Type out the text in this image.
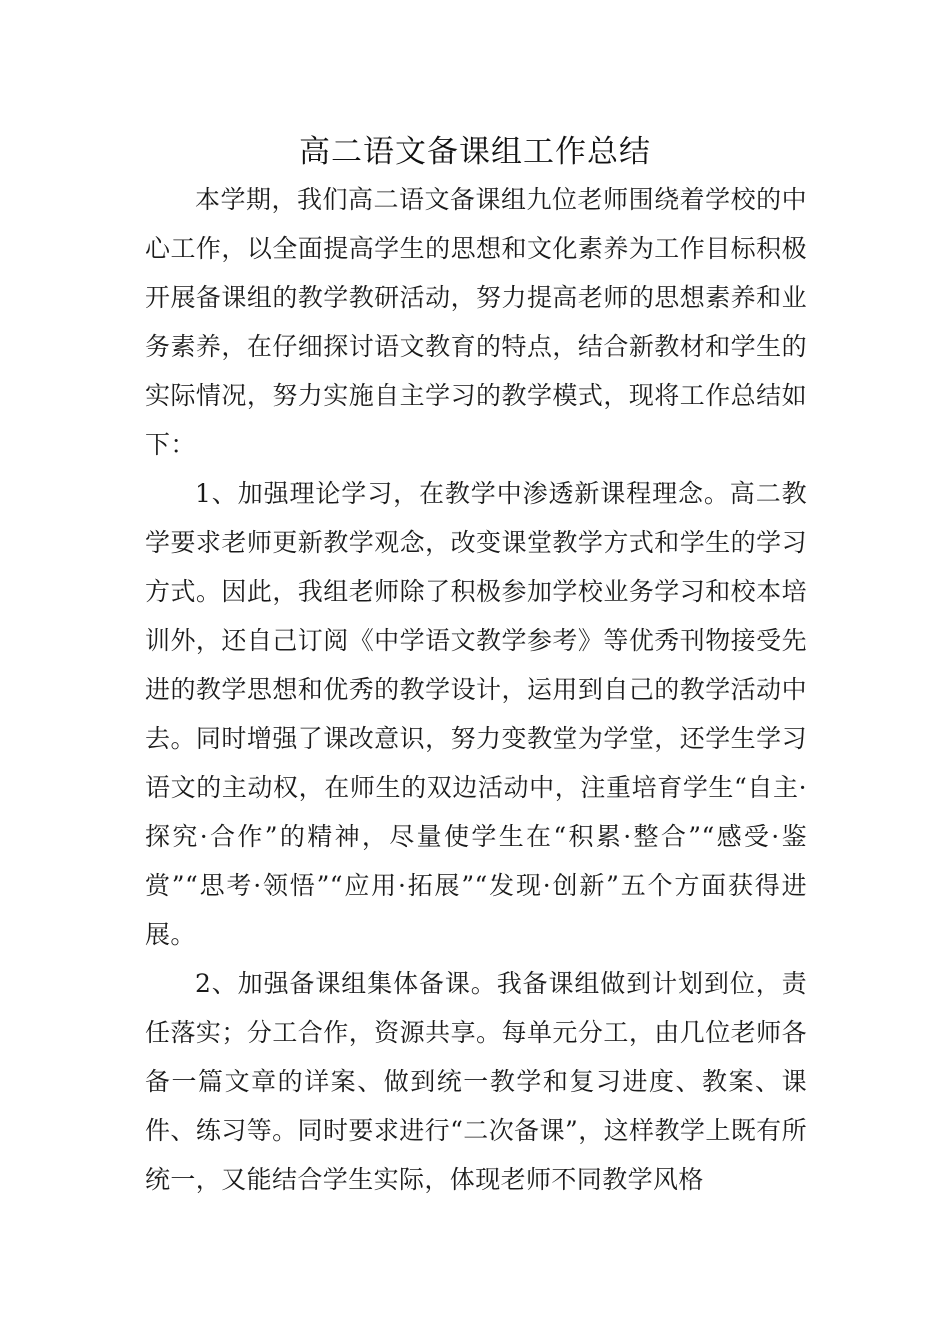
高二语文备课组工作总结

本学期，我们高二语文备课组九位老师围绕着学校的中心工作，以全面提高学生的思想和文化素养为工作目标积极开展备课组的教学教研活动，努力提高老师的思想素养和业务素养，在仔细探讨语文教育的特点，结合新教材和学生的实际情况，努力实施自主学习的教学模式，现将工作总结如下：

1、加强理论学习，在教学中渗透新课程理念。高二教学要求老师更新教学观念，改变课堂教学方式和学生的学习方式。因此，我组老师除了积极参加学校业务学习和校本培训外，还自己订阅《中学语文教学参考》等优秀刊物接受先进的教学思想和优秀的教学设计，运用到自己的教学活动中去。同时增强了课改意识，努力变教堂为学堂，还学生学习语文的主动权，在师生的双边活动中，注重培育学生“自主·探究·合作”的精神，尽量使学生在“积累·整合”“感受·鉴赏”“思考·领悟”“应用·拓展”“发现·创新”五个方面获得进展。

2、加强备课组集体备课。我备课组做到计划到位，责任落实；分工合作，资源共享。每单元分工，由几位老师各备一篇文章的详案、做到统一教学和复习进度、教案、课件、练习等。同时要求进行“二次备课”，这样教学上既有所统一，又能结合学生实际，体现老师不同教学风格
